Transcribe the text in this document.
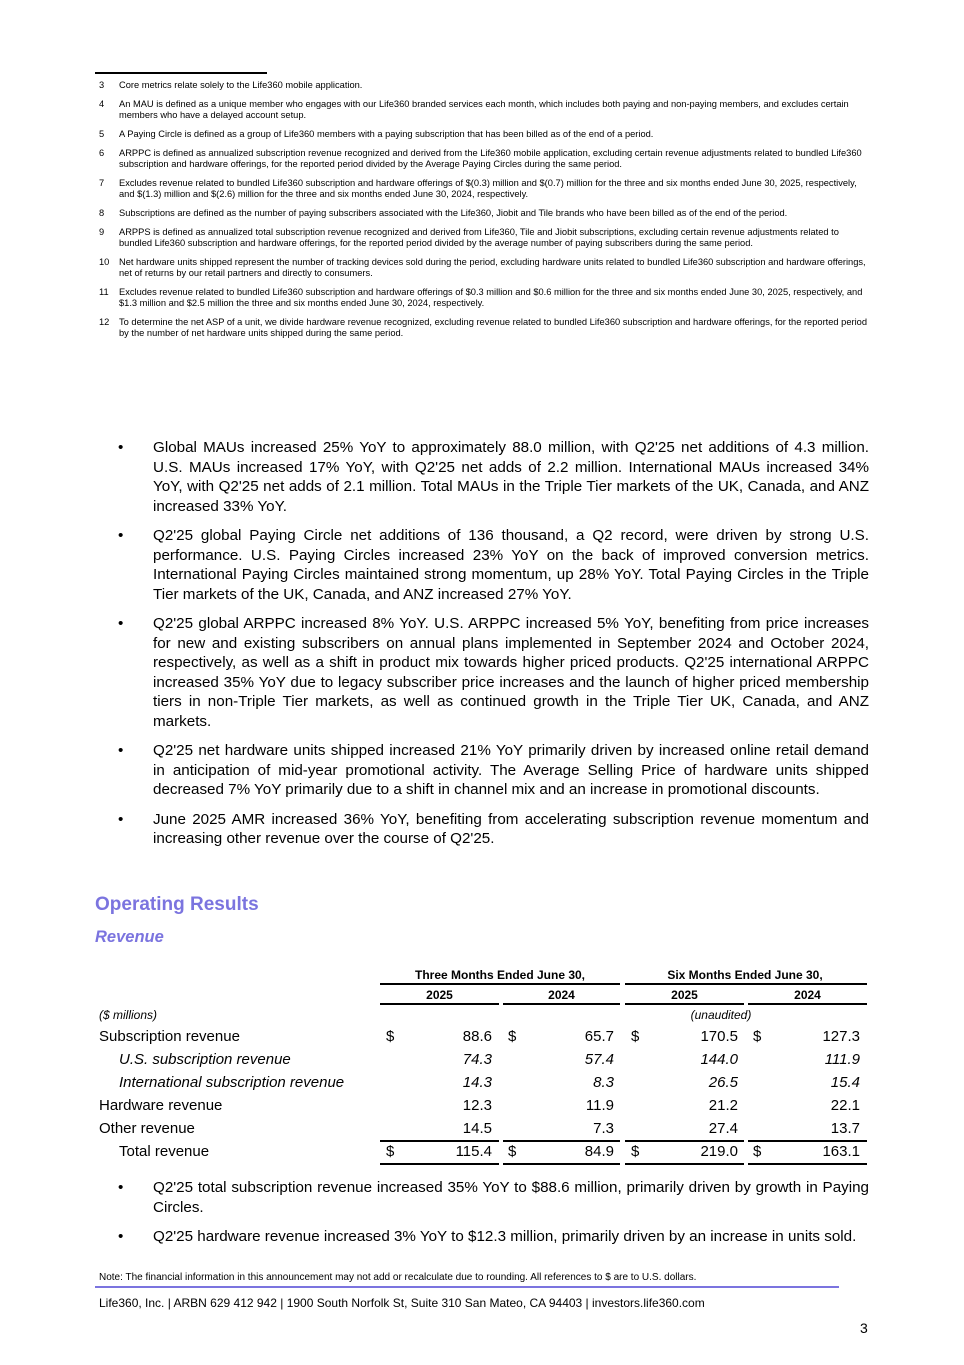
3	Core metrics relate solely to the Life360 mobile application.
4	An MAU is defined as a unique member who engages with our Life360 branded services each month, which includes both paying and non-paying members, and excludes certain members who have a delayed account setup.
5	A Paying Circle is defined as a group of Life360 members with a paying subscription that has been billed as of the end of a period.
6	ARPPC is defined as annualized subscription revenue recognized and derived from the Life360 mobile application, excluding certain revenue adjustments related to bundled Life360 subscription and hardware offerings, for the reported period divided by the Average Paying Circles during the same period.
7	Excludes revenue related to bundled Life360 subscription and hardware offerings of $(0.3) million and $(0.7) million for the three and six months ended June 30, 2025, respectively, and $(1.3) million and $(2.6) million for the three and six months ended June 30, 2024, respectively.
8	Subscriptions are defined as the number of paying subscribers associated with the Life360, Jiobit and Tile brands who have been billed as of the end of the period.
9	ARPPS is defined as annualized total subscription revenue recognized and derived from Life360, Tile and Jiobit subscriptions, excluding certain revenue adjustments related to bundled Life360 subscription and hardware offerings, for the reported period divided by the average number of paying subscribers during the same period.
10	Net hardware units shipped represent the number of tracking devices sold during the period, excluding hardware units related to bundled Life360 subscription and hardware offerings, net of returns by our retail partners and directly to consumers.
11	Excludes revenue related to bundled Life360 subscription and hardware offerings of $0.3 million and $0.6 million for the three and six months ended June 30, 2025, respectively, and $1.3 million and $2.5 million the three and six months ended June 30, 2024, respectively.
12	To determine the net ASP of a unit, we divide hardware revenue recognized, excluding revenue related to bundled Life360 subscription and hardware offerings, for the reported period by the number of net hardware units shipped during the same period.
•	Global MAUs increased 25% YoY to approximately 88.0 million, with Q2'25 net additions of 4.3 million. U.S. MAUs increased 17% YoY, with Q2'25 net adds of 2.2 million. International MAUs increased 34% YoY, with Q2'25 net adds of 2.1 million. Total MAUs in the Triple Tier markets of the UK, Canada, and ANZ increased 33% YoY.
•	Q2'25 global Paying Circle net additions of 136 thousand, a Q2 record, were driven by strong U.S. performance. U.S. Paying Circles increased 23% YoY on the back of improved conversion metrics. International Paying Circles maintained strong momentum, up 28% YoY. Total Paying Circles in the Triple Tier markets of the UK, Canada, and ANZ increased 27% YoY.
•	Q2'25 global ARPPC increased 8% YoY. U.S. ARPPC increased 5% YoY, benefiting from price increases for new and existing subscribers on annual plans implemented in September 2024 and October 2024, respectively, as well as a shift in product mix towards higher priced products. Q2'25 international ARPPC increased 35% YoY due to legacy subscriber price increases and the launch of higher priced membership tiers in non-Triple Tier markets, as well as continued growth in the Triple Tier UK, Canada, and ANZ markets.
•	Q2'25 net hardware units shipped increased 21% YoY primarily driven by increased online retail demand in anticipation of mid-year promotional activity. The Average Selling Price of hardware units shipped decreased 7% YoY primarily due to a shift in channel mix and an increase in promotional discounts.
•	June 2025 AMR increased 36% YoY, benefiting from accelerating subscription revenue momentum and increasing other revenue over the course of Q2'25.
Operating Results
Revenue
Three Months Ended June 30,	Six Months Ended June 30,
2025	2024	2025	2024
($ millions)	(unaudited)
Subscription revenue	$	88.6 $	65.7 $	170.5 $	127.3
U.S. subscription revenue	74.3	57.4	144.0	111.9
International subscription revenue	14.3	8.3	26.5	15.4
Hardware revenue	12.3	11.9	21.2	22.1
Other revenue	14.5	7.3	27.4	13.7
Total revenue	$	115.4 $	84.9 $	219.0 $	163.1
•	Q2'25 total subscription revenue increased 35% YoY to $88.6 million, primarily driven by growth in Paying Circles.
•	Q2'25 hardware revenue increased 3% YoY to $12.3 million, primarily driven by an increase in units sold.
Note: The financial information in this announcement may not add or recalculate due to rounding. All references to $ are to U.S. dollars.
Life360, Inc. | ARBN 629 412 942 | 1900 South Norfolk St, Suite 310 San Mateo, CA 94403 | investors.life360.com
3
